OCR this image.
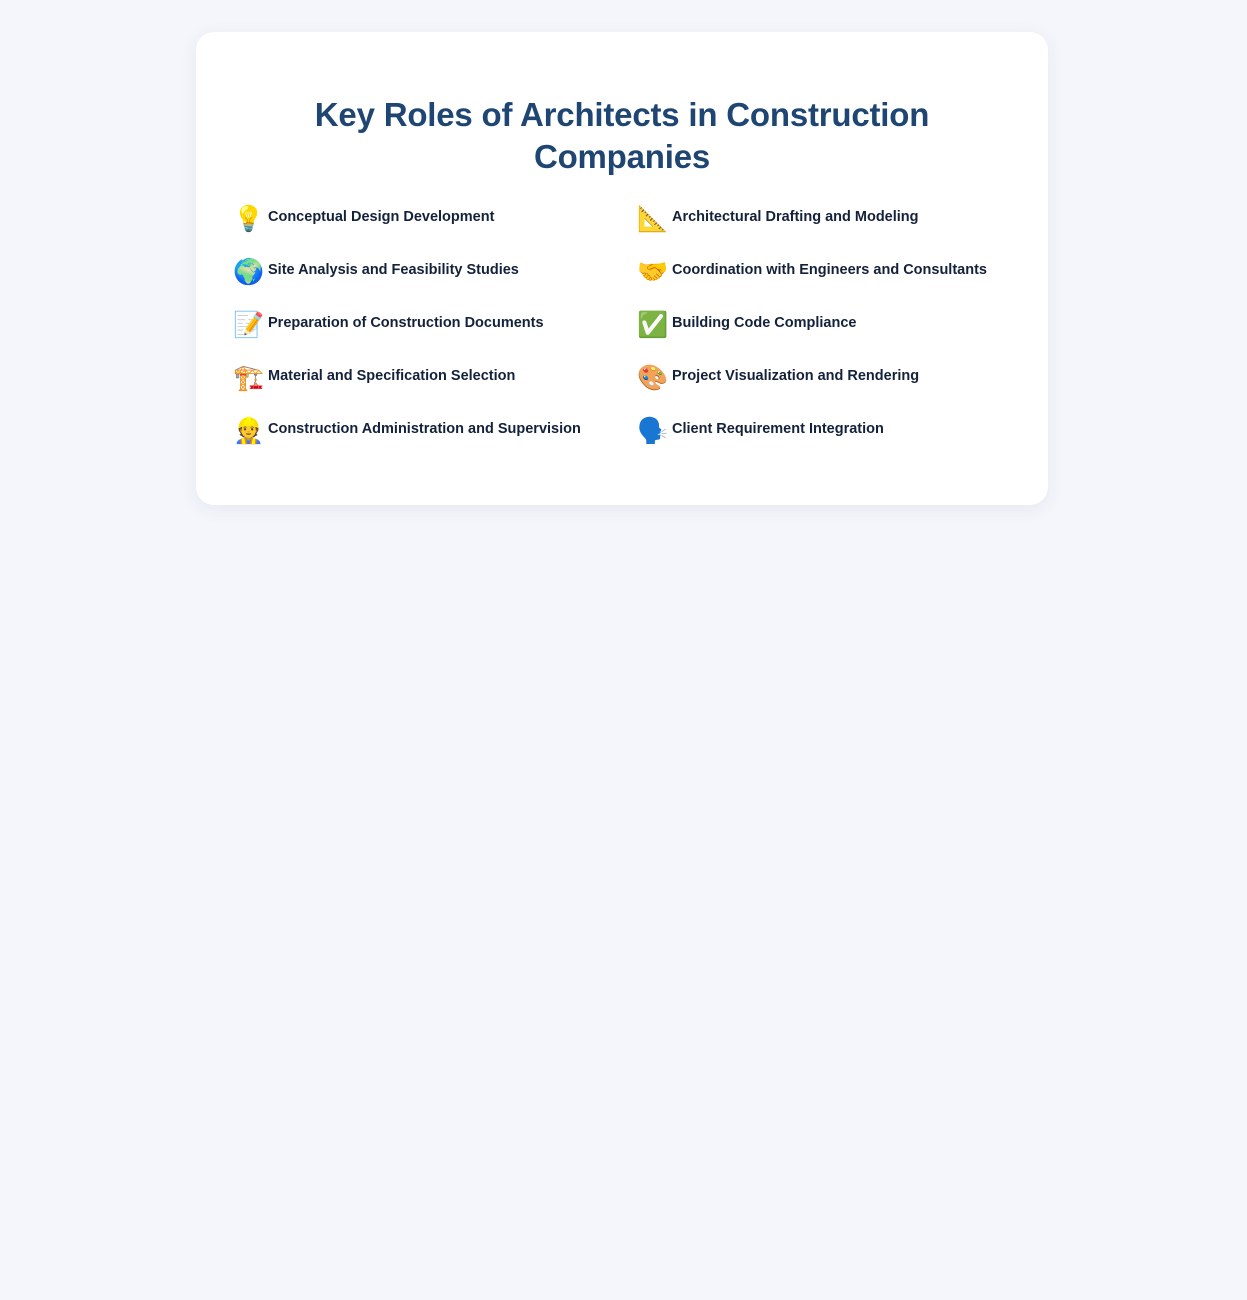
Key Roles of Architects in Construction Companies
💡 Conceptual Design Development
🌍 Site Analysis and Feasibility Studies
📝 Preparation of Construction Documents
🏗️ Material and Specification Selection
👷 Construction Administration and Supervision
📐 Architectural Drafting and Modeling
🤝 Coordination with Engineers and Consultants
✅ Building Code Compliance
🎨 Project Visualization and Rendering
🗣️ Client Requirement Integration
